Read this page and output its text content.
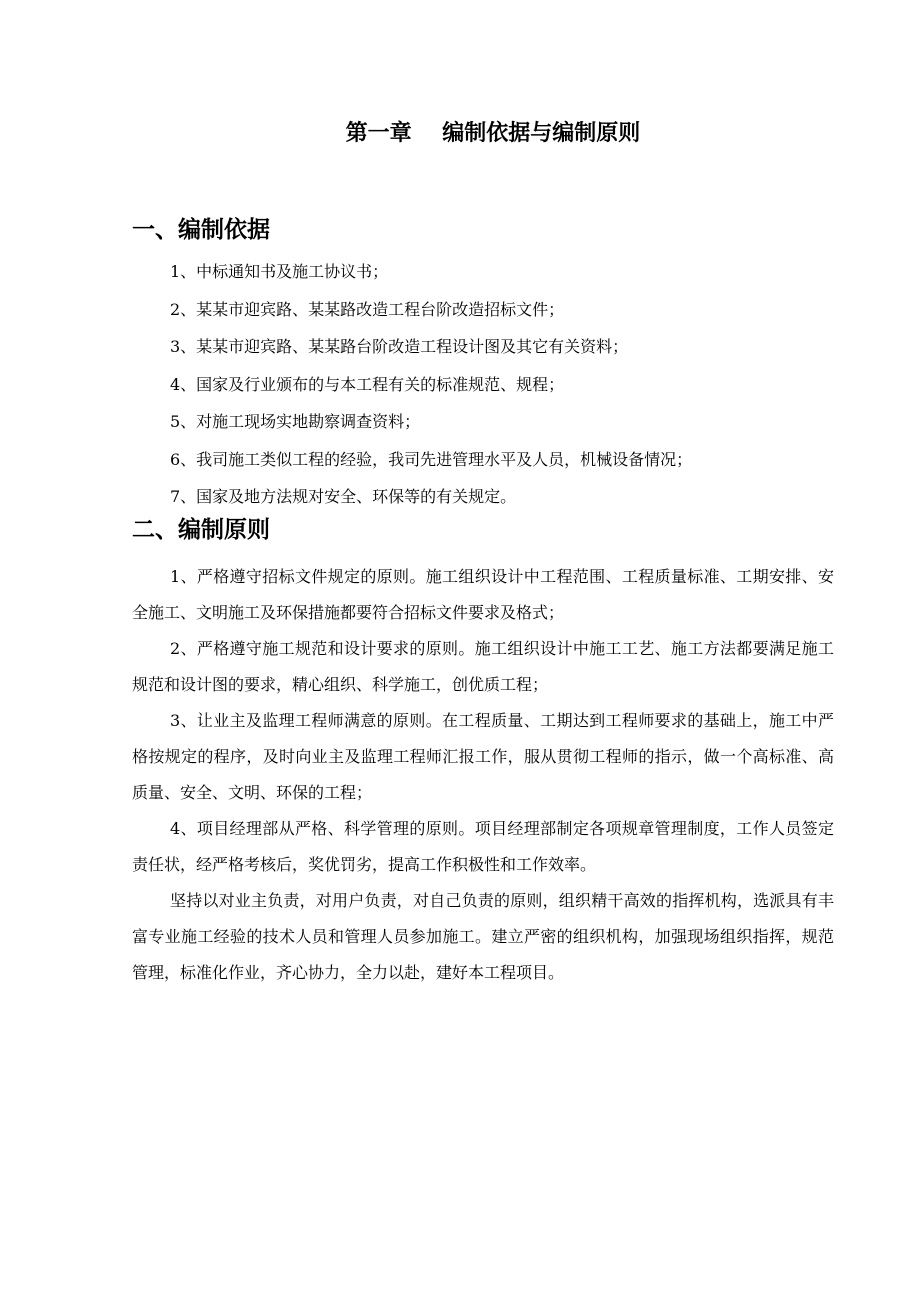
第一章    编制依据与编制原则
一、编制依据
1、中标通知书及施工协议书；
2、某某市迎宾路、某某路改造工程台阶改造招标文件；
3、某某市迎宾路、某某路台阶改造工程设计图及其它有关资料；
4、国家及行业颁布的与本工程有关的标准规范、规程；
5、对施工现场实地勘察调查资料；
6、我司施工类似工程的经验，我司先进管理水平及人员，机械设备情况；
7、国家及地方法规对安全、环保等的有关规定。
二、编制原则

1、严格遵守招标文件规定的原则。施工组织设计中工程范围、工程质量标准、工期安排、安全施工、文明施工及环保措施都要符合招标文件要求及格式；

2、严格遵守施工规范和设计要求的原则。施工组织设计中施工工艺、施工方法都要满足施工规范和设计图的要求，精心组织、科学施工，创优质工程；

3、让业主及监理工程师满意的原则。在工程质量、工期达到工程师要求的基础上，施工中严格按规定的程序，及时向业主及监理工程师汇报工作，服从贯彻工程师的指示，做一个高标准、高质量、安全、文明、环保的工程；

4、项目经理部从严格、科学管理的原则。项目经理部制定各项规章管理制度，工作人员签定责任状，经严格考核后，奖优罚劣，提高工作积极性和工作效率。

坚持以对业主负责，对用户负责，对自己负责的原则，组织精干高效的指挥机构，选派具有丰富专业施工经验的技术人员和管理人员参加施工。建立严密的组织机构，加强现场组织指挥，规范管理，标准化作业，齐心协力，全力以赴，建好本工程项目。
